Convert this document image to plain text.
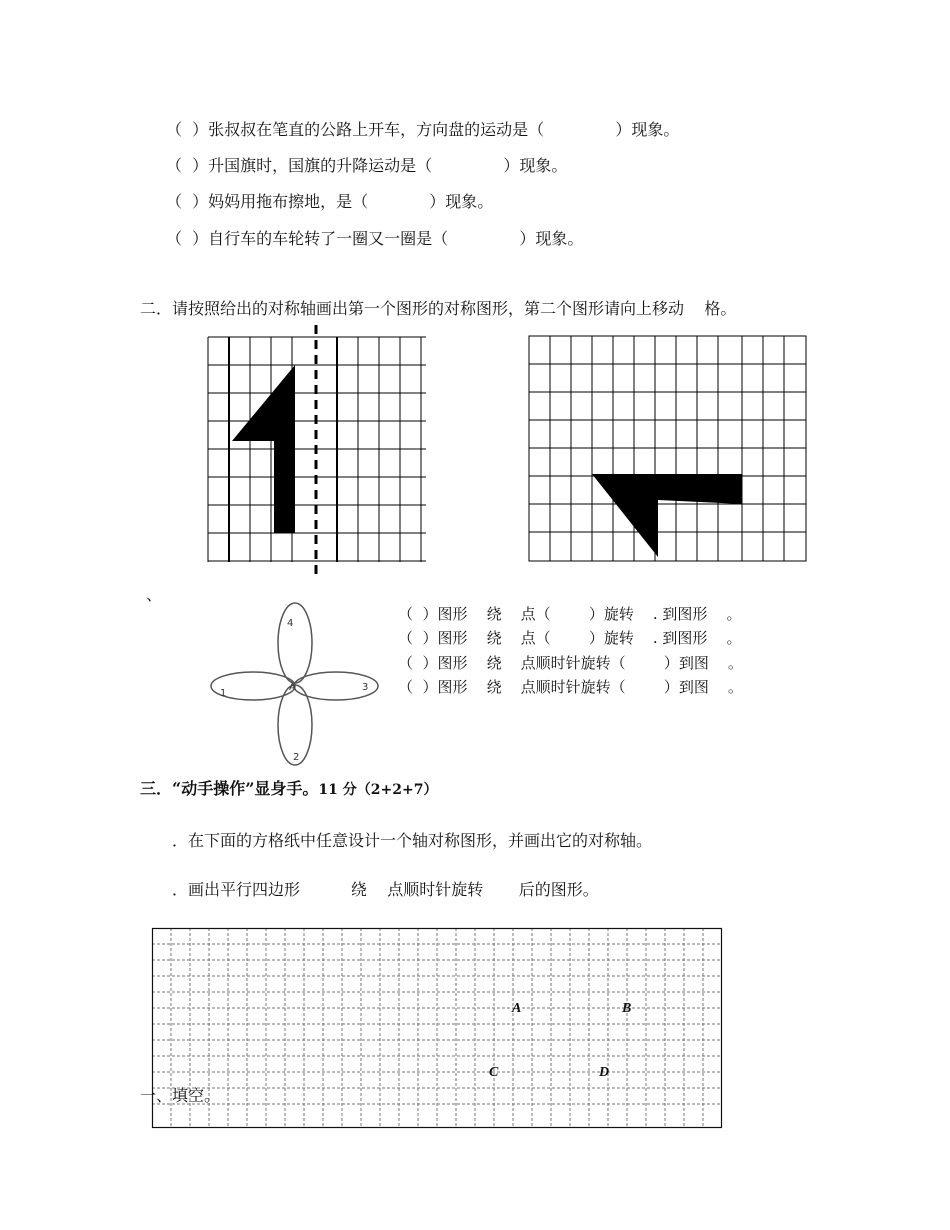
（  ）张叔叔在笔直的公路上开车，方向盘的运动是（              ）现象。
（  ）升国旗时，国旗的升降运动是（              ）现象。
（  ）妈妈用拖布擦地，是（            ）现象。
（  ）自行车的车轮转了一圈又一圈是（              ）现象。
二．请按照给出的对称轴画出第一个图形的对称图形，第二个图形请向上移动    格。
、
4
1
3
2
A
（  ）图形    绕    点（        ）旋转    . 到图形    。
（  ）图形    绕    点（        ）旋转    . 到图形    。
（  ）图形    绕    点顺时针旋转（        ）到图    。
（  ）图形    绕    点顺时针旋转（        ）到图    。
三．“动手操作”显身手。11 分（2+2+7）
．在下面的方格纸中任意设计一个轴对称图形，并画出它的对称轴。
．画出平行四边形          绕    点顺时针旋转       后的图形。
A	B
C	D
一、填空。
